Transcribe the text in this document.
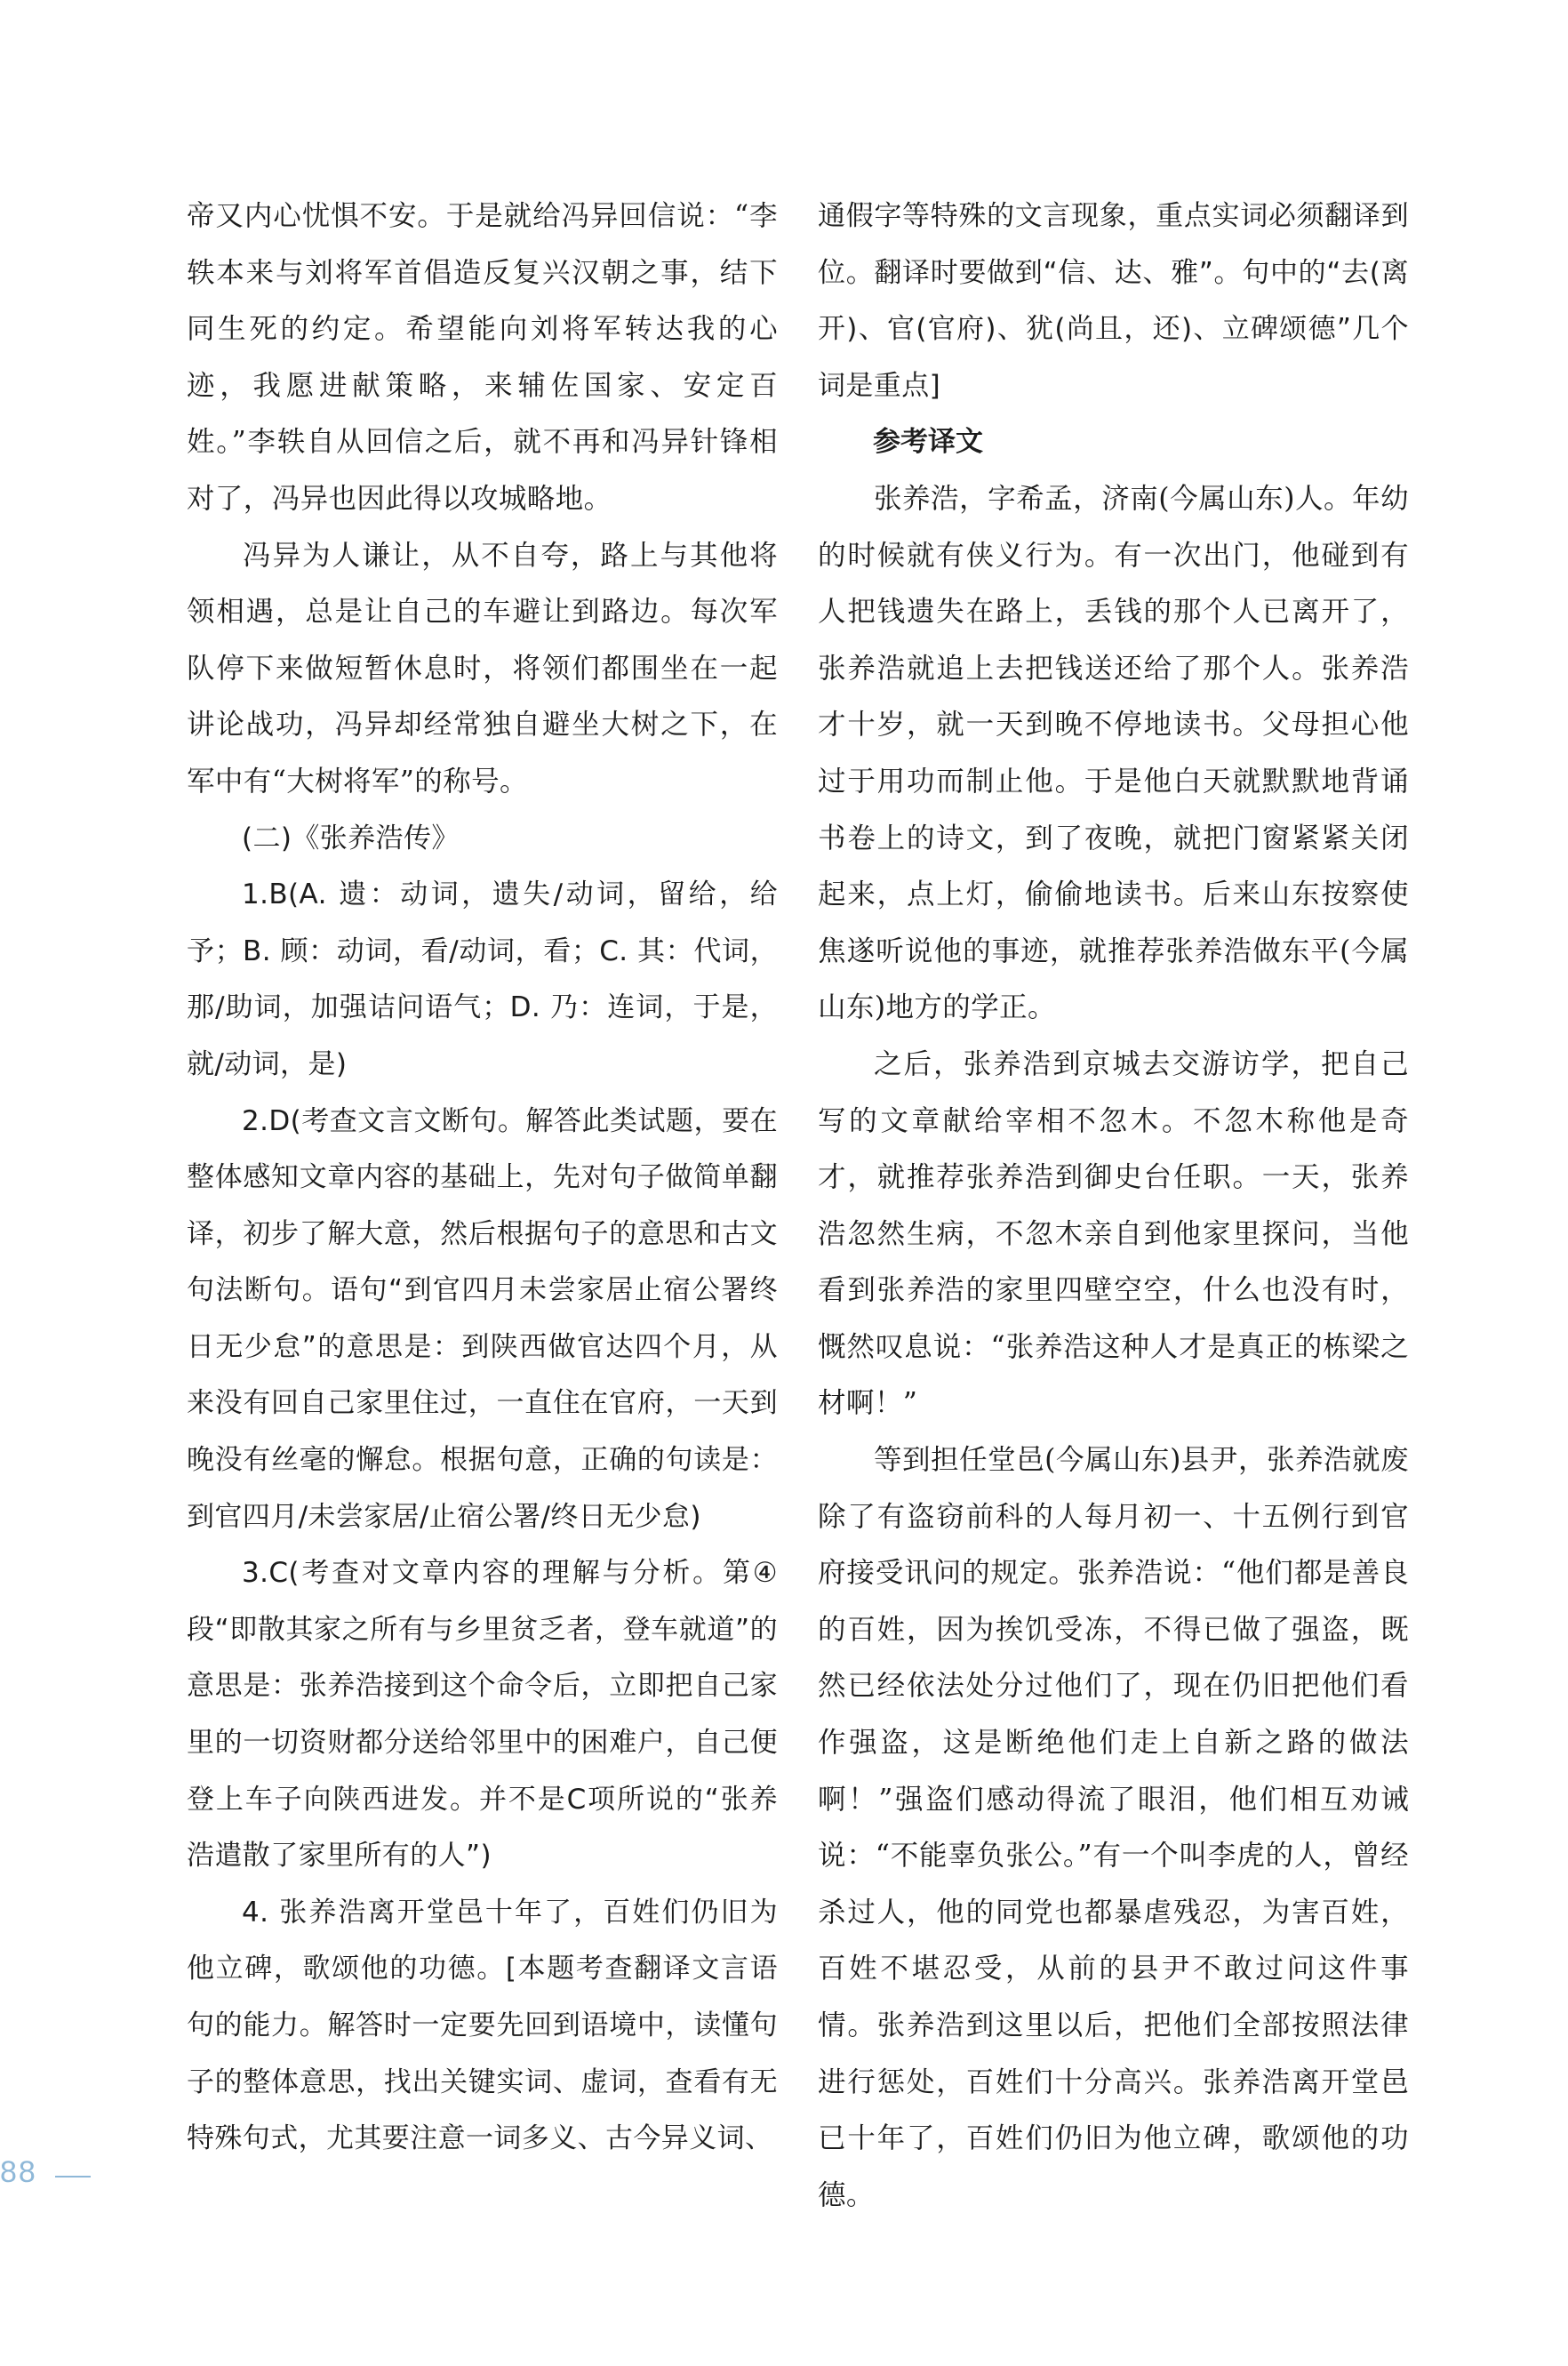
帝又内心忧惧不安。于是就给冯异回信说：“李轶本来与刘将军首倡造反复兴汉朝之事，结下同生死的约定。希望能向刘将军转达我的心迹，我愿进献策略，来辅佐国家、安定百姓。”李轶自从回信之后，就不再和冯异针锋相对了，冯异也因此得以攻城略地。

冯异为人谦让，从不自夸，路上与其他将领相遇，总是让自己的车避让到路边。每次军队停下来做短暂休息时，将领们都围坐在一起讲论战功，冯异却经常独自避坐大树之下，在军中有“大树将军”的称号。

(二)《张养浩传》

1.B(A. 遗：动词，遗失/动词，留给，给予；B. 顾：动词，看/动词，看；C. 其：代词，那/助词，加强诘问语气；D. 乃：连词，于是，就/动词，是)

2.D(考查文言文断句。解答此类试题，要在整体感知文章内容的基础上，先对句子做简单翻译，初步了解大意，然后根据句子的意思和古文句法断句。语句“到官四月未尝家居止宿公署终日无少怠”的意思是：到陕西做官达四个月，从来没有回自己家里住过，一直住在官府，一天到晚没有丝毫的懈怠。根据句意，正确的句读是：到官四月/未尝家居/止宿公署/终日无少怠)

3.C(考查对文章内容的理解与分析。第④段“即散其家之所有与乡里贫乏者，登车就道”的意思是：张养浩接到这个命令后，立即把自己家里的一切资财都分送给邻里中的困难户，自己便登上车子向陕西进发。并不是C项所说的“张养浩遣散了家里所有的人”)

4. 张养浩离开堂邑十年了，百姓们仍旧为他立碑，歌颂他的功德。[本题考查翻译文言语句的能力。解答时一定要先回到语境中，读懂句子的整体意思，找出关键实词、虚词，查看有无特殊句式，尤其要注意一词多义、古今异义词、

通假字等特殊的文言现象，重点实词必须翻译到位。翻译时要做到“信、达、雅”。句中的“去(离开)、官(官府)、犹(尚且，还)、立碑颂德”几个词是重点]

参考译文

张养浩，字希孟，济南(今属山东)人。年幼的时候就有侠义行为。有一次出门，他碰到有人把钱遗失在路上，丢钱的那个人已离开了，张养浩就追上去把钱送还给了那个人。张养浩才十岁，就一天到晚不停地读书。父母担心他过于用功而制止他。于是他白天就默默地背诵书卷上的诗文，到了夜晚，就把门窗紧紧关闭起来，点上灯，偷偷地读书。后来山东按察使焦遂听说他的事迹，就推荐张养浩做东平(今属山东)地方的学正。

之后，张养浩到京城去交游访学，把自己写的文章献给宰相不忽木。不忽木称他是奇才，就推荐张养浩到御史台任职。一天，张养浩忽然生病，不忽木亲自到他家里探问，当他看到张养浩的家里四壁空空，什么也没有时，慨然叹息说：“张养浩这种人才是真正的栋梁之材啊！”

等到担任堂邑(今属山东)县尹，张养浩就废除了有盗窃前科的人每月初一、十五例行到官府接受讯问的规定。张养浩说：“他们都是善良的百姓，因为挨饥受冻，不得已做了强盗，既然已经依法处分过他们了，现在仍旧把他们看作强盗，这是断绝他们走上自新之路的做法啊！”强盗们感动得流了眼泪，他们相互劝诫说：“不能辜负张公。”有一个叫李虎的人，曾经杀过人，他的同党也都暴虐残忍，为害百姓，百姓不堪忍受，从前的县尹不敢过问这件事情。张养浩到这里以后，把他们全部按照法律进行惩处，百姓们十分高兴。张养浩离开堂邑已十年了，百姓们仍旧为他立碑，歌颂他的功德。

88
